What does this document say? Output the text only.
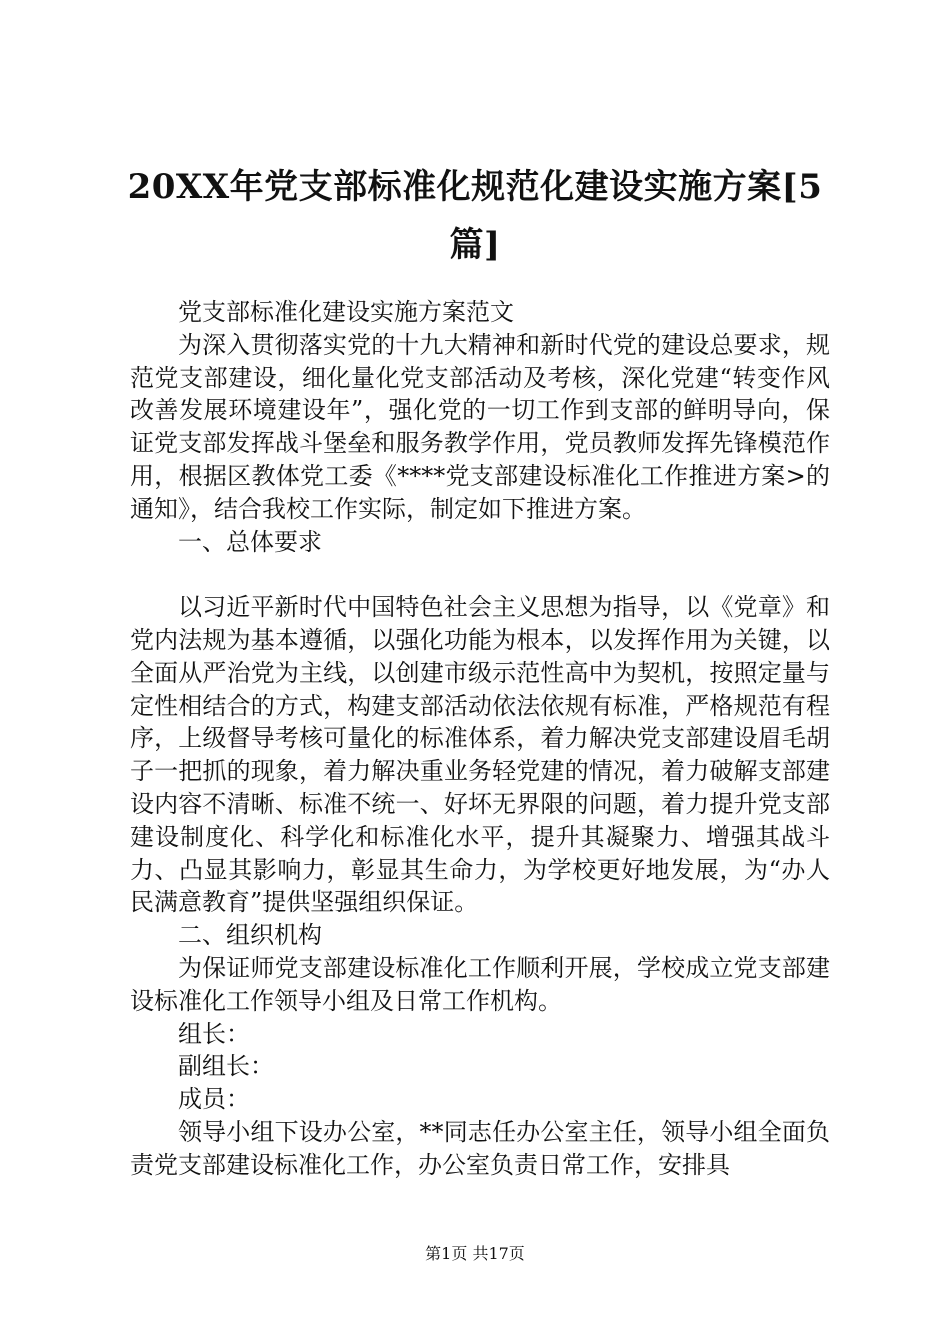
20XX年党支部标准化规范化建设实施方案[5篇]

党支部标准化建设实施方案范文

为深入贯彻落实党的十九大精神和新时代党的建设总要求，规范党支部建设，细化量化党支部活动及考核，深化党建“转变作风改善发展环境建设年”，强化党的一切工作到支部的鲜明导向，保证党支部发挥战斗堡垒和服务教学作用，党员教师发挥先锋模范作用，根据区教体党工委《****党支部建设标准化工作推进方案>的通知》，结合我校工作实际，制定如下推进方案。

一、总体要求

以习近平新时代中国特色社会主义思想为指导，以《党章》和党内法规为基本遵循，以强化功能为根本，以发挥作用为关键，以全面从严治党为主线，以创建市级示范性高中为契机，按照定量与定性相结合的方式，构建支部活动依法依规有标准，严格规范有程序，上级督导考核可量化的标准体系，着力解决党支部建设眉毛胡子一把抓的现象，着力解决重业务轻党建的情况，着力破解支部建设内容不清晰、标准不统一、好坏无界限的问题，着力提升党支部建设制度化、科学化和标准化水平，提升其凝聚力、增强其战斗力、凸显其影响力，彰显其生命力，为学校更好地发展，为“办人民满意教育”提供坚强组织保证。

二、组织机构

为保证师党支部建设标准化工作顺利开展，学校成立党支部建设标准化工作领导小组及日常工作机构。

组长：

副组长：

成员：

领导小组下设办公室，**同志任办公室主任，领导小组全面负责党支部建设标准化工作，办公室负责日常工作，安排具

第1页 共17页
